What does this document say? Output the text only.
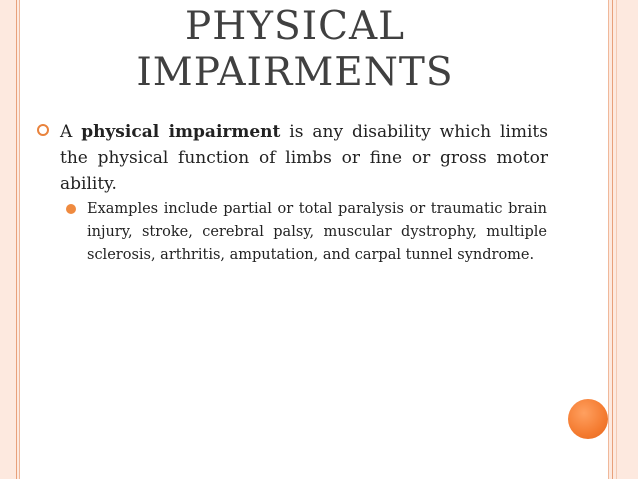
PHYSICAL
IMPAIRMENTS
A physical impairment is any disability which limits the physical function of limbs or fine or gross motor ability.
Examples include partial or total paralysis or traumatic brain injury, stroke, cerebral palsy, muscular dystrophy, multiple sclerosis, arthritis, amputation, and carpal tunnel syndrome.
